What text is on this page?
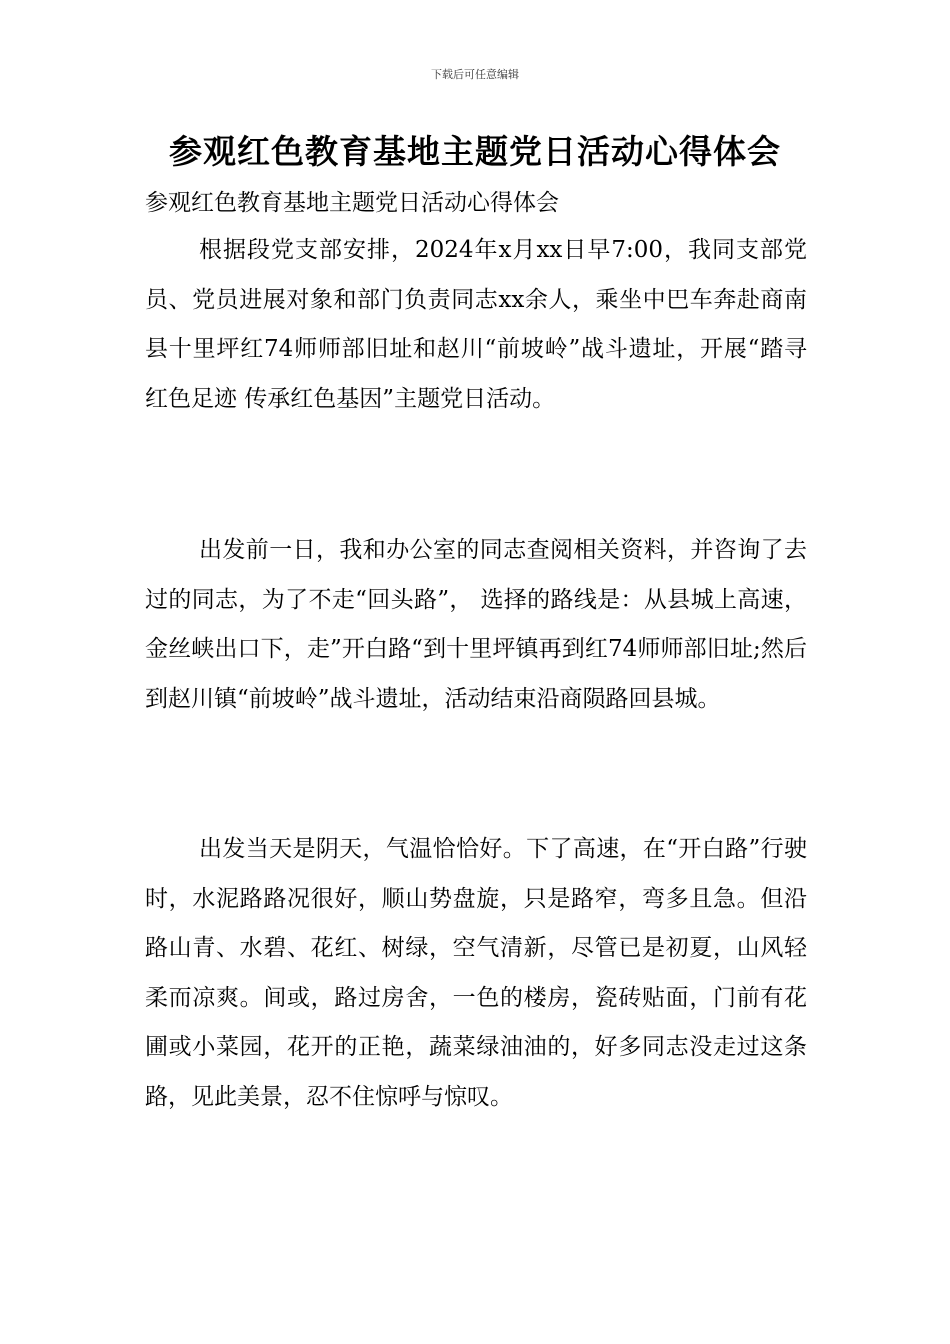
下载后可任意编辑
参观红色教育基地主题党日活动心得体会

参观红色教育基地主题党日活动心得体会

根据段党支部安排，2024年x月xx日早7:00，我同支部党员、党员进展对象和部门负责同志xx余人，乘坐中巴车奔赴商南县十里坪红74师师部旧址和赵川“前坡岭”战斗遗址，开展“踏寻红色足迹 传承红色基因”主题党日活动。

出发前一日，我和办公室的同志查阅相关资料，并咨询了去过的同志，为了不走“回头路”， 选择的路线是：从县城上高速，金丝峡出口下，走”开白路“到十里坪镇再到红74师师部旧址;然后到赵川镇“前坡岭”战斗遗址，活动结束沿商陨路回县城。

出发当天是阴天，气温恰恰好。下了高速，在“开白路”行驶时，水泥路路况很好，顺山势盘旋，只是路窄，弯多且急。但沿路山青、水碧、花红、树绿，空气清新，尽管已是初夏，山风轻柔而凉爽。间或，路过房舍，一色的楼房，瓷砖贴面，门前有花圃或小菜园，花开的正艳，蔬菜绿油油的，好多同志没走过这条路，见此美景，忍不住惊呼与惊叹。
